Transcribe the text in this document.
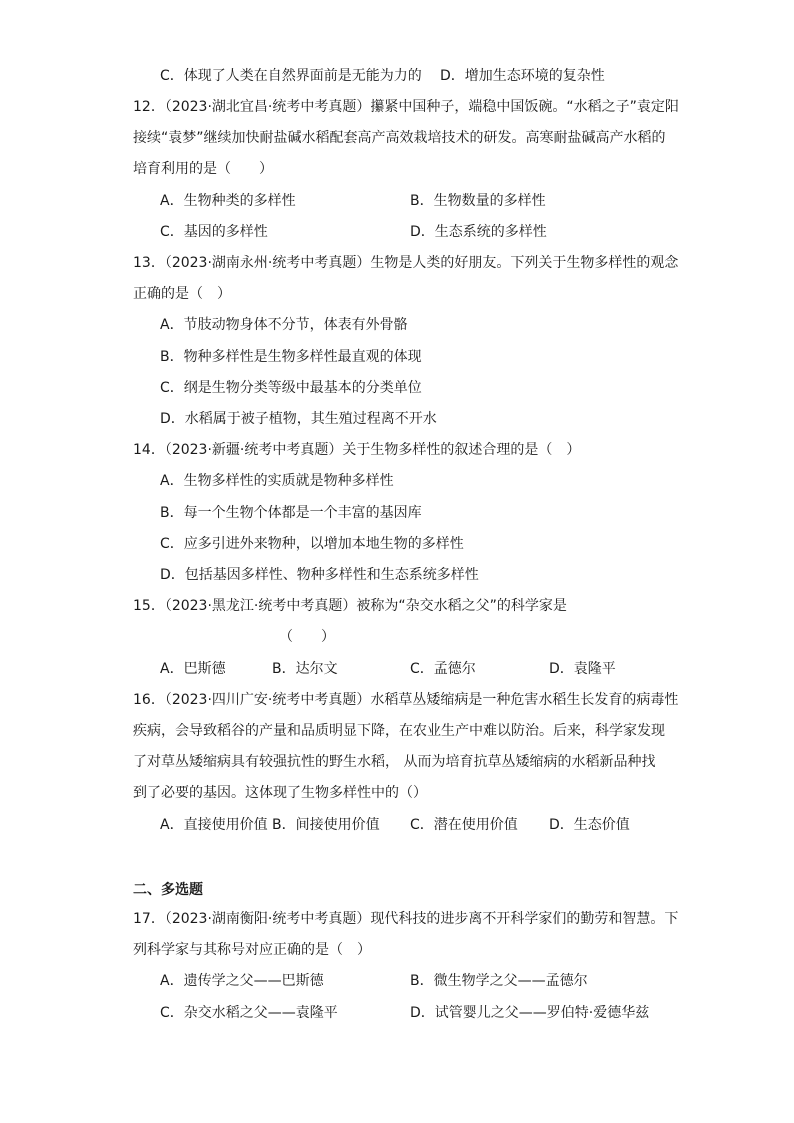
C．体现了人类在自然界面前是无能为力的 D．增加生态环境的复杂性
12．（2023·湖北宜昌·统考中考真题）攥紧中国种子，端稳中国饭碗。“水稻之子”袁定阳
接续“袁梦”继续加快耐盐碱水稻配套高产高效栽培技术的研发。高寒耐盐碱高产水稻的
培育利用的是（　　）
A．生物种类的多样性	B．生物数量的多样性
C．基因的多样性	D．生态系统的多样性
13．（2023·湖南永州·统考中考真题）生物是人类的好朋友。下列关于生物多样性的观念
正确的是（　）
A．节肢动物身体不分节，体表有外骨骼
B．物种多样性是生物多样性最直观的体现
C．纲是生物分类等级中最基本的分类单位
D．水稻属于被子植物，其生殖过程离不开水
14．（2023·新疆·统考中考真题）关于生物多样性的叙述合理的是（　）
A．生物多样性的实质就是物种多样性
B．每一个生物个体都是一个丰富的基因库
C．应多引进外来物种，以增加本地生物的多样性
D．包括基因多样性、物种多样性和生态系统多样性
15．（2023·黑龙江·统考中考真题）被称为“杂交水稻之父”的科学家是
（　　）
A．巴斯德	B．达尔文	C．孟德尔	D．袁隆平
16．（2023·四川广安·统考中考真题）水稻草丛矮缩病是一种危害水稻生长发育的病毒性
疾病，会导致稻谷的产量和品质明显下降，在农业生产中难以防治。后来，科学家发现
了对草丛矮缩病具有较强抗性的野生水稻， 从而为培育抗草丛矮缩病的水稻新品种找
到了必要的基因。这体现了生物多样性中的（）
A．直接使用价值 B．间接使用价值 C．潜在使用价值 D．生态价值
二、多选题
17．（2023·湖南衡阳·统考中考真题）现代科技的进步离不开科学家们的勤劳和智慧。下
列科学家与其称号对应正确的是（　）
A．遗传学之父——巴斯德	B．微生物学之父——孟德尔
C．杂交水稻之父——袁隆平	D．试管婴儿之父——罗伯特·爱德华兹
